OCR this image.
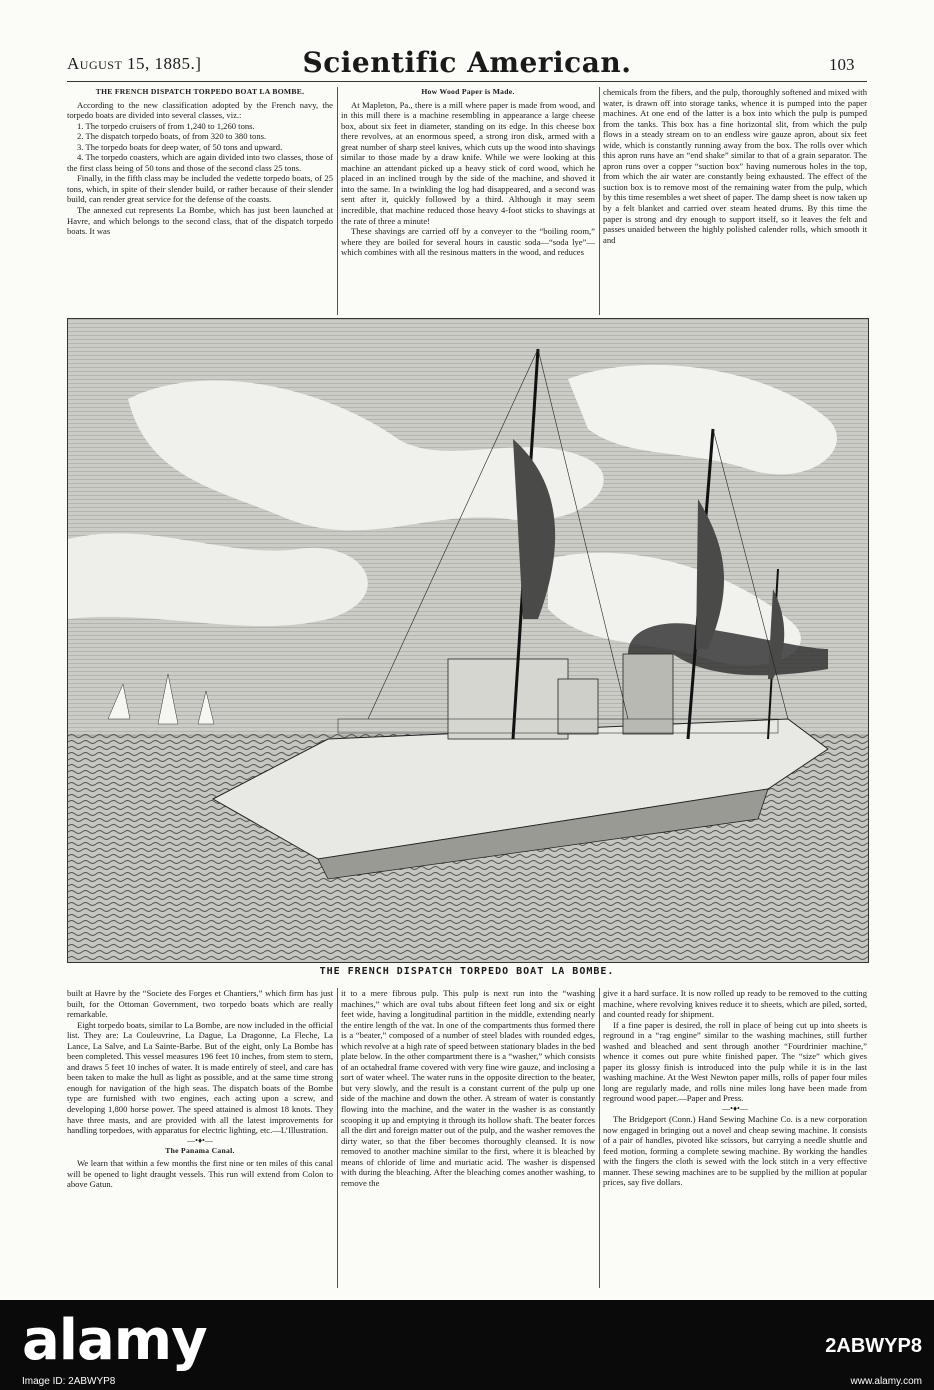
August 15, 1885.]	Scientific American.	103

THE FRENCH DISPATCH TORPEDO BOAT LA BOMBE.

According to the new classification adopted by the French navy, the torpedo boats are divided into several classes, viz.:

1. The torpedo cruisers of from 1,240 to 1,260 tons.

2. The dispatch torpedo boats, of from 320 to 380 tons.

3. The torpedo boats for deep water, of 50 tons and upward.

4. The torpedo coasters, which are again divided into two classes, those of the first class being of 50 tons and those of the second class 25 tons.

Finally, in the fifth class may be included the vedette torpedo boats, of 25 tons, which, in spite of their slender build, or rather because of their slender build, can render great service for the defense of the coasts.

The annexed cut represents La Bombe, which has just been launched at Havre, and which belongs to the second class, that of the dispatch torpedo boats. It was

How Wood Paper is Made.

At Mapleton, Pa., there is a mill where paper is made from wood, and in this mill there is a machine resembling in appearance a large cheese box, about six feet in diameter, standing on its edge. In this cheese box there revolves, at an enormous speed, a strong iron disk, armed with a great number of sharp steel knives, which cuts up the wood into shavings similar to those made by a draw knife. While we were looking at this machine an attendant picked up a heavy stick of cord wood, which he placed in an inclined trough by the side of the machine, and shoved it into the same. In a twinkling the log had disappeared, and a second was sent after it, quickly followed by a third. Although it may seem incredible, that machine reduced those heavy 4-foot sticks to shavings at the rate of three a minute!

These shavings are carried off by a conveyer to the “boiling room,” where they are boiled for several hours in caustic soda—“soda lye”—which combines with all the resinous matters in the wood, and reduces

chemicals from the fibers, and the pulp, thoroughly softened and mixed with water, is drawn off into storage tanks, whence it is pumped into the paper machines. At one end of the latter is a box into which the pulp is pumped from the tanks. This box has a fine horizontal slit, from which the pulp flows in a steady stream on to an endless wire gauze apron, about six feet wide, which is constantly running away from the box. The rolls over which this apron runs have an “end shake” similar to that of a grain separator. The apron runs over a copper “suction box” having numerous holes in the top, from which the air water are constantly being exhausted. The effect of the suction box is to remove most of the remaining water from the pulp, which by this time resembles a wet sheet of paper. The damp sheet is now taken up by a felt blanket and carried over steam heated drums. By this time the paper is strong and dry enough to support itself, so it leaves the felt and passes unaided between the highly polished calender rolls, which smooth it and

THE FRENCH DISPATCH TORPEDO BOAT LA BOMBE.

built at Havre by the “Societe des Forges et Chantiers,” which firm has just built, for the Ottoman Government, two torpedo boats which are really remarkable.

Eight torpedo boats, similar to La Bombe, are now included in the official list. They are: La Couleuvrine, La Dague, La Dragonne, La Fleche, La Lance, La Salve, and La Sainte-Barbe. But of the eight, only La Bombe has been completed. This vessel measures 196 feet 10 inches, from stem to stern, and draws 5 feet 10 inches of water. It is made entirely of steel, and care has been taken to make the hull as light as possible, and at the same time strong enough for navigation of the high seas. The dispatch boats of the Bombe type are furnished with two engines, each acting upon a screw, and developing 1,800 horse power. The speed attained is almost 18 knots. They have three masts, and are provided with all the latest improvements for handling torpedoes, with apparatus for electric lighting, etc.—L’Illustration.

—•♦•—

The Panama Canal.

We learn that within a few months the first nine or ten miles of this canal will be opened to light draught vessels. This run will extend from Colon to above Gatun.

it to a mere fibrous pulp. This pulp is next run into the “washing machines,” which are oval tubs about fifteen feet long and six or eight feet wide, having a longitudinal partition in the middle, extending nearly the entire length of the vat. In one of the compartments thus formed there is a “beater,” composed of a number of steel blades with rounded edges, which revolve at a high rate of speed between stationary blades in the bed plate below. In the other compartment there is a “washer,” which consists of an octahedral frame covered with very fine wire gauze, and inclosing a sort of water wheel. The water runs in the opposite direction to the beater, but very slowly, and the result is a constant current of the pulp up one side of the machine and down the other. A stream of water is constantly flowing into the machine, and the water in the washer is as constantly scooping it up and emptying it through its hollow shaft. The beater forces all the dirt and foreign matter out of the pulp, and the washer removes the dirty water, so that the fiber becomes thoroughly cleansed. It is now removed to another machine similar to the first, where it is bleached by means of chloride of lime and muriatic acid. The washer is dispensed with during the bleaching. After the bleaching comes another washing, to remove the

give it a hard surface. It is now rolled up ready to be removed to the cutting machine, where revolving knives reduce it to sheets, which are piled, sorted, and counted ready for shipment.

If a fine paper is desired, the roll in place of being cut up into sheets is reground in a “rag engine” similar to the washing machines, still further washed and bleached and sent through another “Fourdrinier machine,” whence it comes out pure white finished paper. The “size” which gives paper its glossy finish is introduced into the pulp while it is in the last washing machine. At the West Newton paper mills, rolls of paper four miles long are regularly made, and rolls nine miles long have been made from reground wood paper.—Paper and Press.

—•♦•—

The Bridgeport (Conn.) Hand Sewing Machine Co. is a new corporation now engaged in bringing out a novel and cheap sewing machine. It consists of a pair of handles, pivoted like scissors, but carrying a needle shuttle and feed motion, forming a complete sewing machine. By working the handles with the fingers the cloth is sewed with the lock stitch in a very effective manner. These sewing machines are to be supplied by the million at popular prices, say five dollars.

alamy	2ABWYP8
Image ID: 2ABWYP8	www.alamy.com
